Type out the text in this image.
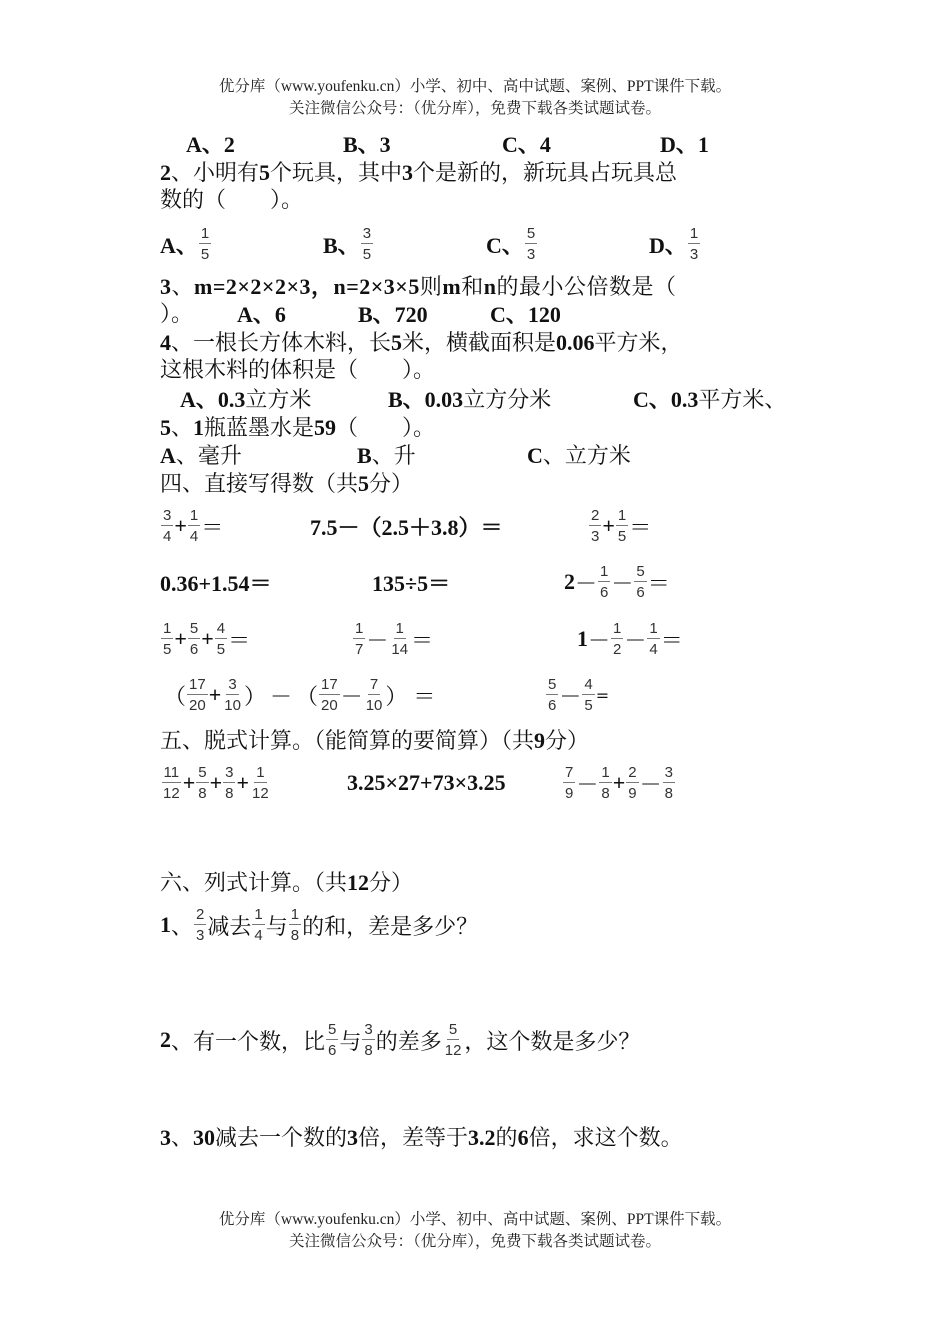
优分库（www.youfenku.cn）小学、初中、高中试题、案例、PPT课件下载。
关注微信公众号：（优分库），免费下载各类试题试卷。
A、2	B、3	C、4	D、1
2、小明有5个玩具，其中3个是新的，新玩具占玩具总
数的（　　）。
A、 $\frac{1}{5}$	B、 $\frac{3}{5}$	C、 $\frac{5}{3}$	D、 $\frac{1}{3}$
3、m=2×2×2×3，n=2×3×5则m和n的最小公倍数是（
）。 A、6	B、720	C、120
4、一根长方体木料，长5米，横截面积是0.06平方米，
这根木料的体积是（　　）。
A、0.3立方米	B、0.03立方分米	C、0.3平方米、
5、1瓶蓝墨水是59（　　）。
A、毫升	B、升	C、立方米
四、直接写得数（共5分）
$\frac{3}{4} + \frac{1}{4}$ ＝	7.5－（2.5＋3.8）＝	$\frac{2}{3} + \frac{1}{5}$ ＝
0.36+1.54＝	135÷5＝	$2 - \frac{1}{6} - \frac{5}{6}$ ＝
$\frac{1}{5} + \frac{5}{6} + \frac{4}{5}$ ＝	$\frac{1}{7} - \frac{1}{14}$ ＝	$1 - \frac{1}{2} - \frac{1}{4}$ ＝
（ $\frac{17}{20} + \frac{3}{10}$ ） － （ $\frac{17}{20} - \frac{7}{10}$ ） ＝	$\frac{5}{6} - \frac{4}{5}$ =
五、脱式计算。（能简算的要简算）（共9分）
$\frac{11}{12} + \frac{5}{8} + \frac{3}{8} + \frac{1}{12}$	3.25×27+73×3.25	$\frac{7}{9} - \frac{1}{8} + \frac{2}{9} - \frac{3}{8}$
六、列式计算。（共12分）
1 、 $\frac{2}{3}$ 减去 $\frac{1}{4}$ 与 $\frac{1}{8}$ 的和，差是多少？
2 、有一个数，比 $\frac{5}{6}$ 与 $\frac{3}{8}$ 的差多 $\frac{5}{12}$ ，这个数是多少？
3、30减去一个数的3倍，差等于3.2的6倍，求这个数。
优分库（www.youfenku.cn）小学、初中、高中试题、案例、PPT课件下载。
关注微信公众号：（优分库），免费下载各类试题试卷。
